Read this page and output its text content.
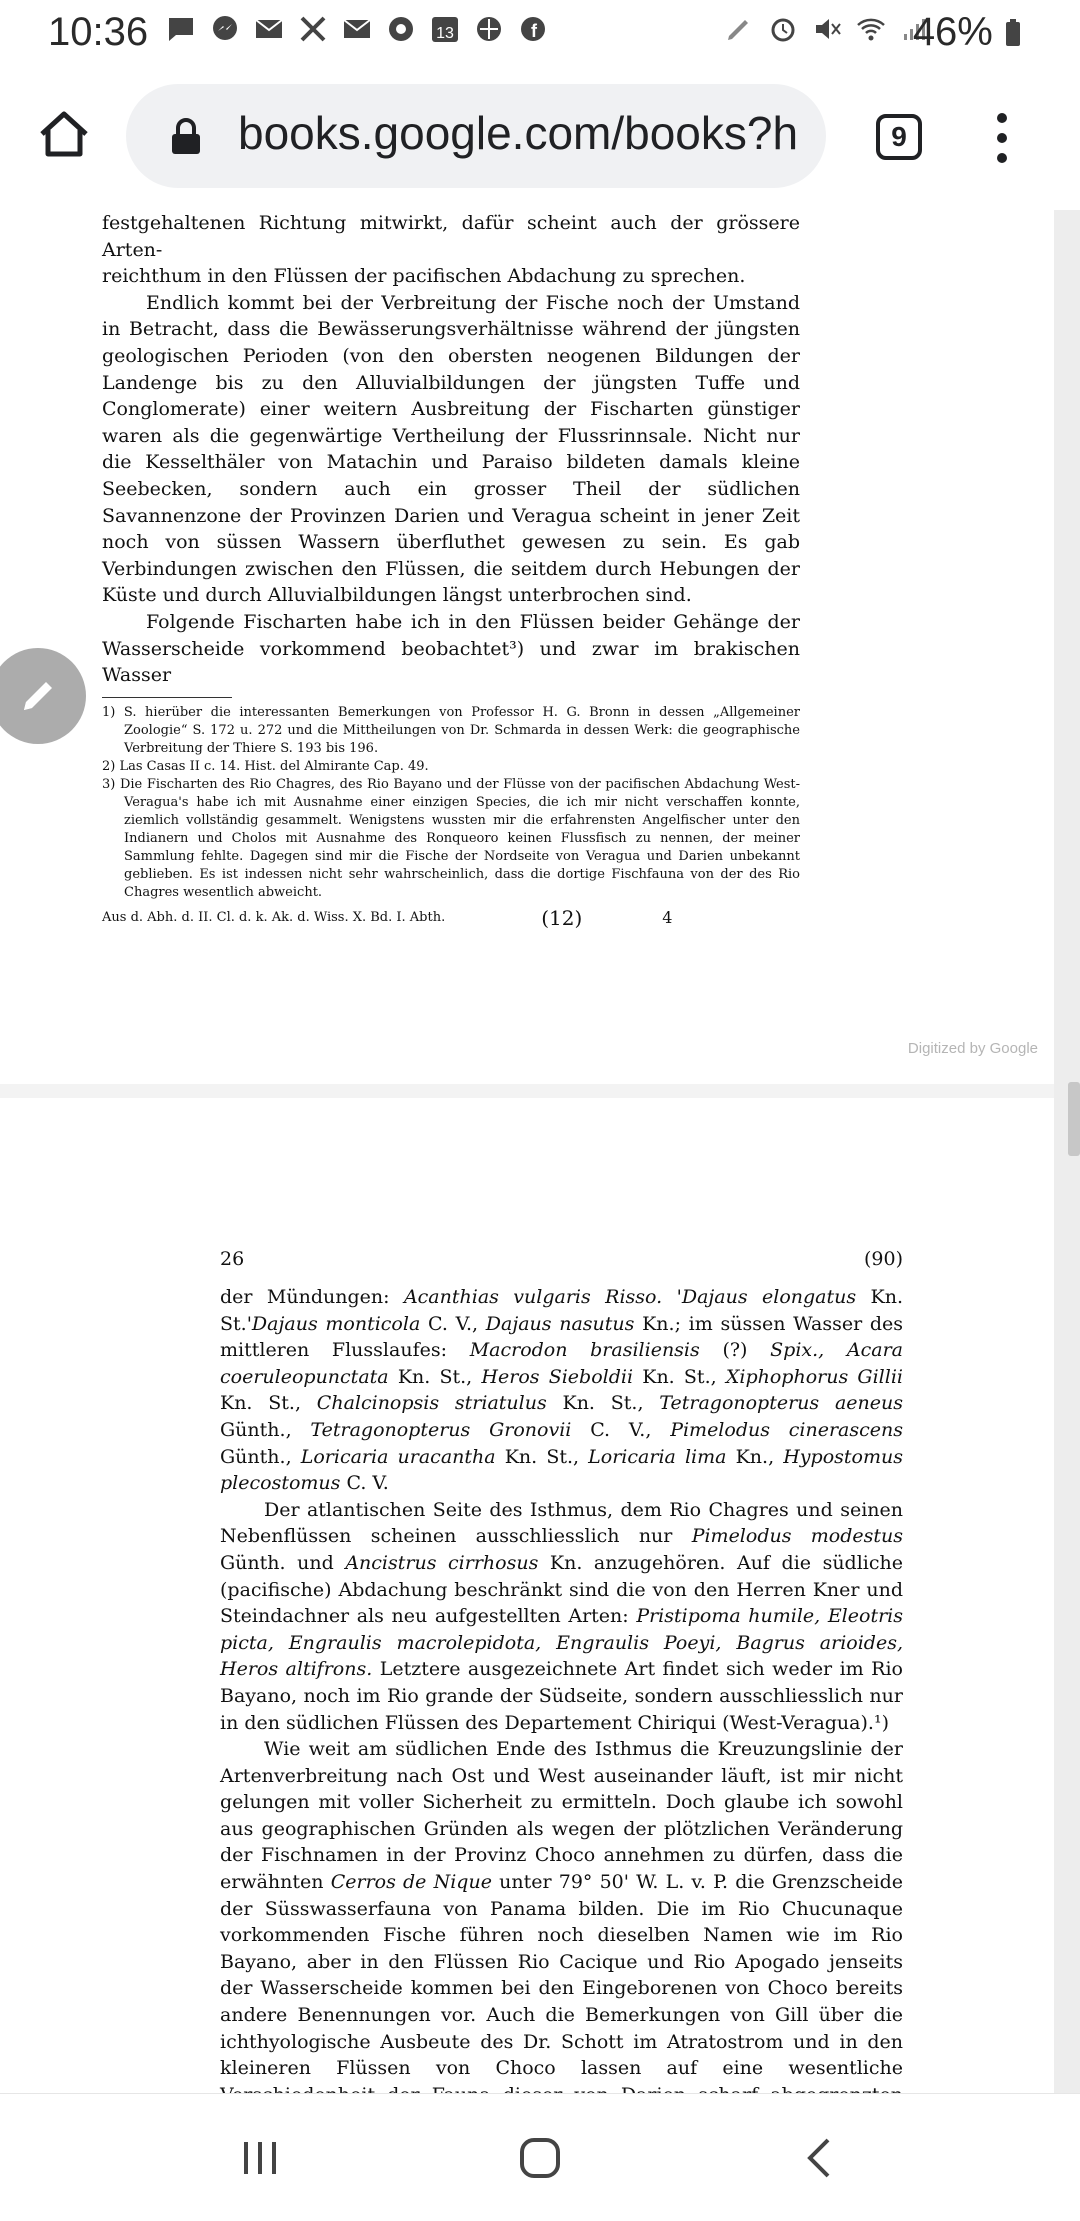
10:36	13	f	46%
books.google.com/books?h	9

festgehaltenen Richtung mitwirkt, dafür scheint auch der grössere Arten-

reichthum in den Flüssen der pacifischen Abdachung zu sprechen.

Endlich kommt bei der Verbreitung der Fische noch der Umstand in Betracht, dass die Bewässerungsverhältnisse während der jüngsten geologischen Perioden (von den obersten neogenen Bildungen der Landenge bis zu den Alluvialbildungen der jüngsten Tuffe und Conglomerate) einer weitern Ausbreitung der Fischarten günstiger waren als die gegenwärtige Vertheilung der Flussrinnsale. Nicht nur die Kesselthäler von Matachin und Paraiso bildeten damals kleine Seebecken, sondern auch ein grosser Theil der südlichen Savannenzone der Provinzen Darien und Veragua scheint in jener Zeit noch von süssen Wassern überfluthet gewesen zu sein. Es gab Verbindungen zwischen den Flüssen, die seitdem durch Hebungen der Küste und durch Alluvialbildungen längst unterbrochen sind.

Folgende Fischarten habe ich in den Flüssen beider Gehänge der Wasserscheide vorkommend beobachtet³) und zwar im brakischen Wasser

1) S. hierüber die interessanten Bemerkungen von Professor H. G. Bronn in dessen „Allgemeiner Zoologie“ S. 172 u. 272 und die Mittheilungen von Dr. Schmarda in dessen Werk: die geographische Verbreitung der Thiere S. 193 bis 196.

2) Las Casas II c. 14. Hist. del Almirante Cap. 49.

3) Die Fischarten des Rio Chagres, des Rio Bayano und der Flüsse von der pacifischen Abdachung West-Veragua's habe ich mit Ausnahme einer einzigen Species, die ich mir nicht verschaffen konnte, ziemlich vollständig gesammelt. Wenigstens wussten mir die erfahrensten Angelfischer unter den Indianern und Cholos mit Ausnahme des Ronqueoro keinen Flussfisch zu nennen, der meiner Sammlung fehlte. Dagegen sind mir die Fische der Nordseite von Veragua und Darien unbekannt geblieben. Es ist indessen nicht sehr wahrscheinlich, dass die dortige Fischfauna von der des Rio Chagres wesentlich abweicht.

Aus d. Abh. d. II. Cl. d. k. Ak. d. Wiss. X. Bd. I. Abth.	(12)	4
Digitized by Google
26	(90)

der Mündungen: Acanthias vulgaris Risso. 'Dajaus elongatus Kn. St.'Dajaus monticola C. V., Dajaus nasutus Kn.; im süssen Wasser des mittleren Flusslaufes: Macrodon brasiliensis (?) Spix., Acara coeruleopunctata Kn. St., Heros Sieboldii Kn. St., Xiphophorus Gillii Kn. St., Chalcinopsis striatulus Kn. St., Tetragonopterus aeneus Günth., Tetragonopterus Gronovii C. V., Pimelodus cinerascens Günth., Loricaria uracantha Kn. St., Loricaria lima Kn., Hypostomus plecostomus C. V.

Der atlantischen Seite des Isthmus, dem Rio Chagres und seinen Nebenflüssen scheinen ausschliesslich nur Pimelodus modestus Günth. und Ancistrus cirrhosus Kn. anzugehören. Auf die südliche (pacifische) Abdachung beschränkt sind die von den Herren Kner und Steindachner als neu aufgestellten Arten: Pristipoma humile, Eleotris picta, Engraulis macrolepidota, Engraulis Poeyi, Bagrus arioides, Heros altifrons. Letztere ausgezeichnete Art findet sich weder im Rio Bayano, noch im Rio grande der Südseite, sondern ausschliesslich nur in den südlichen Flüssen des Departement Chiriqui (West-Veragua).¹)

Wie weit am südlichen Ende des Isthmus die Kreuzungslinie der Artenverbreitung nach Ost und West auseinander läuft, ist mir nicht gelungen mit voller Sicherheit zu ermitteln. Doch glaube ich sowohl aus geographischen Gründen als wegen der plötzlichen Veränderung der Fischnamen in der Provinz Choco annehmen zu dürfen, dass die erwähnten Cerros de Nique unter 79° 50' W. L. v. P. die Grenzscheide der Süsswasserfauna von Panama bilden. Die im Rio Chucunaque vorkommenden Fische führen noch dieselben Namen wie im Rio Bayano, aber in den Flüssen Rio Cacique und Rio Apogado jenseits der Wasserscheide kommen bei den Eingeborenen von Choco bereits andere Benennungen vor. Auch die Bemerkungen von Gill über die ichthyologische Ausbeute des Dr. Schott im Atratostrom und in den kleineren Flüssen von Choco lassen auf eine wesentliche
